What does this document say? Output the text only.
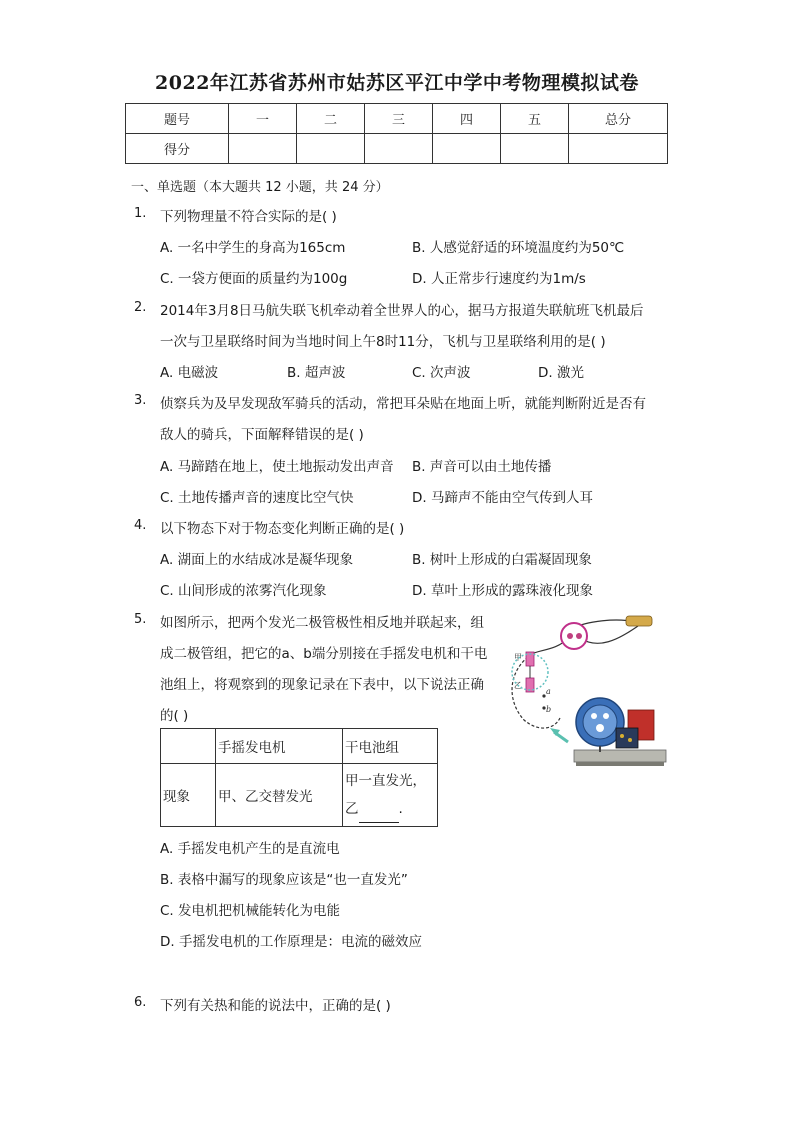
2022年江苏省苏州市姑苏区平江中学中考物理模拟试卷
题号	一	二	三	四	五	总分
得分						
一、单选题（本大题共 12 小题，共 24 分）
1.	下列物理量不符合实际的是( )
A. 一名中学生的身高为165cm	B. 人感觉舒适的环境温度约为50℃
C. 一袋方便面的质量约为100g	D. 人正常步行速度约为1m/s
2.	2014年3月8日马航失联飞机牵动着全世界人的心，据马方报道失联航班飞机最后
一次与卫星联络时间为当地时间上午8时11分，飞机与卫星联络利用的是( )
A. 电磁波	B. 超声波	C. 次声波	D. 激光
3.	侦察兵为及早发现敌军骑兵的活动，常把耳朵贴在地面上听，就能判断附近是否有
敌人的骑兵，下面解释错误的是( )
A. 马蹄踏在地上，使土地振动发出声音 B. 声音可以由土地传播
C. 土地传播声音的速度比空气快	D. 马蹄声不能由空气传到人耳
4.	以下物态下对于物态变化判断正确的是( )
A. 湖面上的水结成冰是凝华现象	B. 树叶上形成的白霜凝固现象
C. 山间形成的浓雾汽化现象	D. 草叶上形成的露珠液化现象
5.	如图所示，把两个发光二极管极性相反地并联起来，组
成二极管组，把它的a、b端分别接在手摇发电机和干电
池组上，将观察到的现象记录在下表中，以下说法正确
的( )
	手摇发电机	干电池组
现象	甲、乙交替发光	甲一直发光，
乙 .
A. 手摇发电机产生的是直流电
B. 表格中漏写的现象应该是“也一直发光”
C. 发电机把机械能转化为电能
D. 手摇发电机的工作原理是：电流的磁效应
6.	下列有关热和能的说法中，正确的是( )
甲
乙
a
b
